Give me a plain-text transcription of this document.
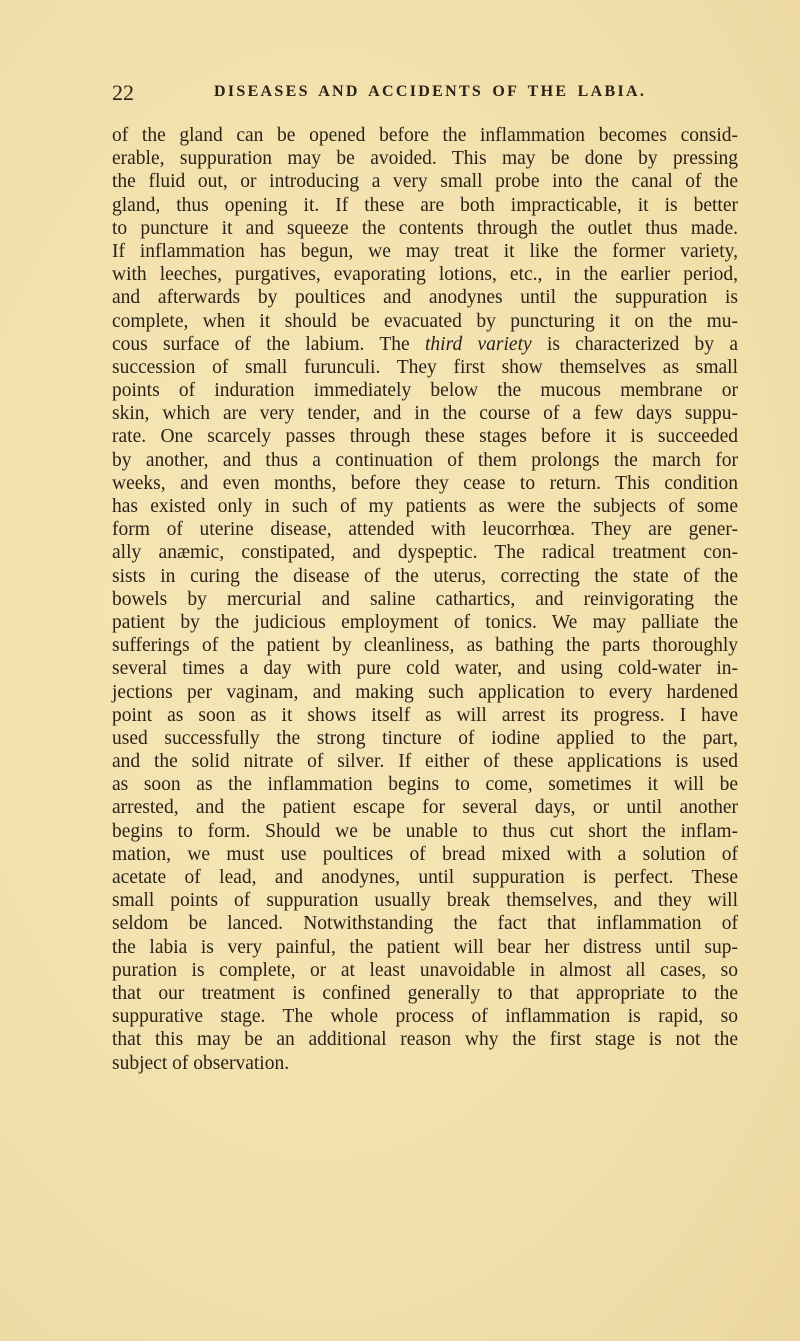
22	DISEASES AND ACCIDENTS OF THE LABIA.
of the gland can be opened before the inflammation becomes consid-
erable, suppuration may be avoided. This may be done by pressing
the fluid out, or introducing a very small probe into the canal of the
gland, thus opening it. If these are both impracticable, it is better
to puncture it and squeeze the contents through the outlet thus made.
If inflammation has begun, we may treat it like the former variety,
with leeches, purgatives, evaporating lotions, etc., in the earlier period,
and afterwards by poultices and anodynes until the suppuration is
complete, when it should be evacuated by puncturing it on the mu-
cous surface of the labium. The third variety is characterized by a
succession of small furunculi. They first show themselves as small
points of induration immediately below the mucous membrane or
skin, which are very tender, and in the course of a few days suppu-
rate. One scarcely passes through these stages before it is succeeded
by another, and thus a continuation of them prolongs the march for
weeks, and even months, before they cease to return. This condition
has existed only in such of my patients as were the subjects of some
form of uterine disease, attended with leucorrhœa. They are gener-
ally anæmic, constipated, and dyspeptic. The radical treatment con-
sists in curing the disease of the uterus, correcting the state of the
bowels by mercurial and saline cathartics, and reinvigorating the
patient by the judicious employment of tonics. We may palliate the
sufferings of the patient by cleanliness, as bathing the parts thoroughly
several times a day with pure cold water, and using cold-water in-
jections per vaginam, and making such application to every hardened
point as soon as it shows itself as will arrest its progress. I have
used successfully the strong tincture of iodine applied to the part,
and the solid nitrate of silver. If either of these applications is used
as soon as the inflammation begins to come, sometimes it will be
arrested, and the patient escape for several days, or until another
begins to form. Should we be unable to thus cut short the inflam-
mation, we must use poultices of bread mixed with a solution of
acetate of lead, and anodynes, until suppuration is perfect. These
small points of suppuration usually break themselves, and they will
seldom be lanced. Notwithstanding the fact that inflammation of
the labia is very painful, the patient will bear her distress until sup-
puration is complete, or at least unavoidable in almost all cases, so
that our treatment is confined generally to that appropriate to the
suppurative stage. The whole process of inflammation is rapid, so
that this may be an additional reason why the first stage is not the
subject of observation.
